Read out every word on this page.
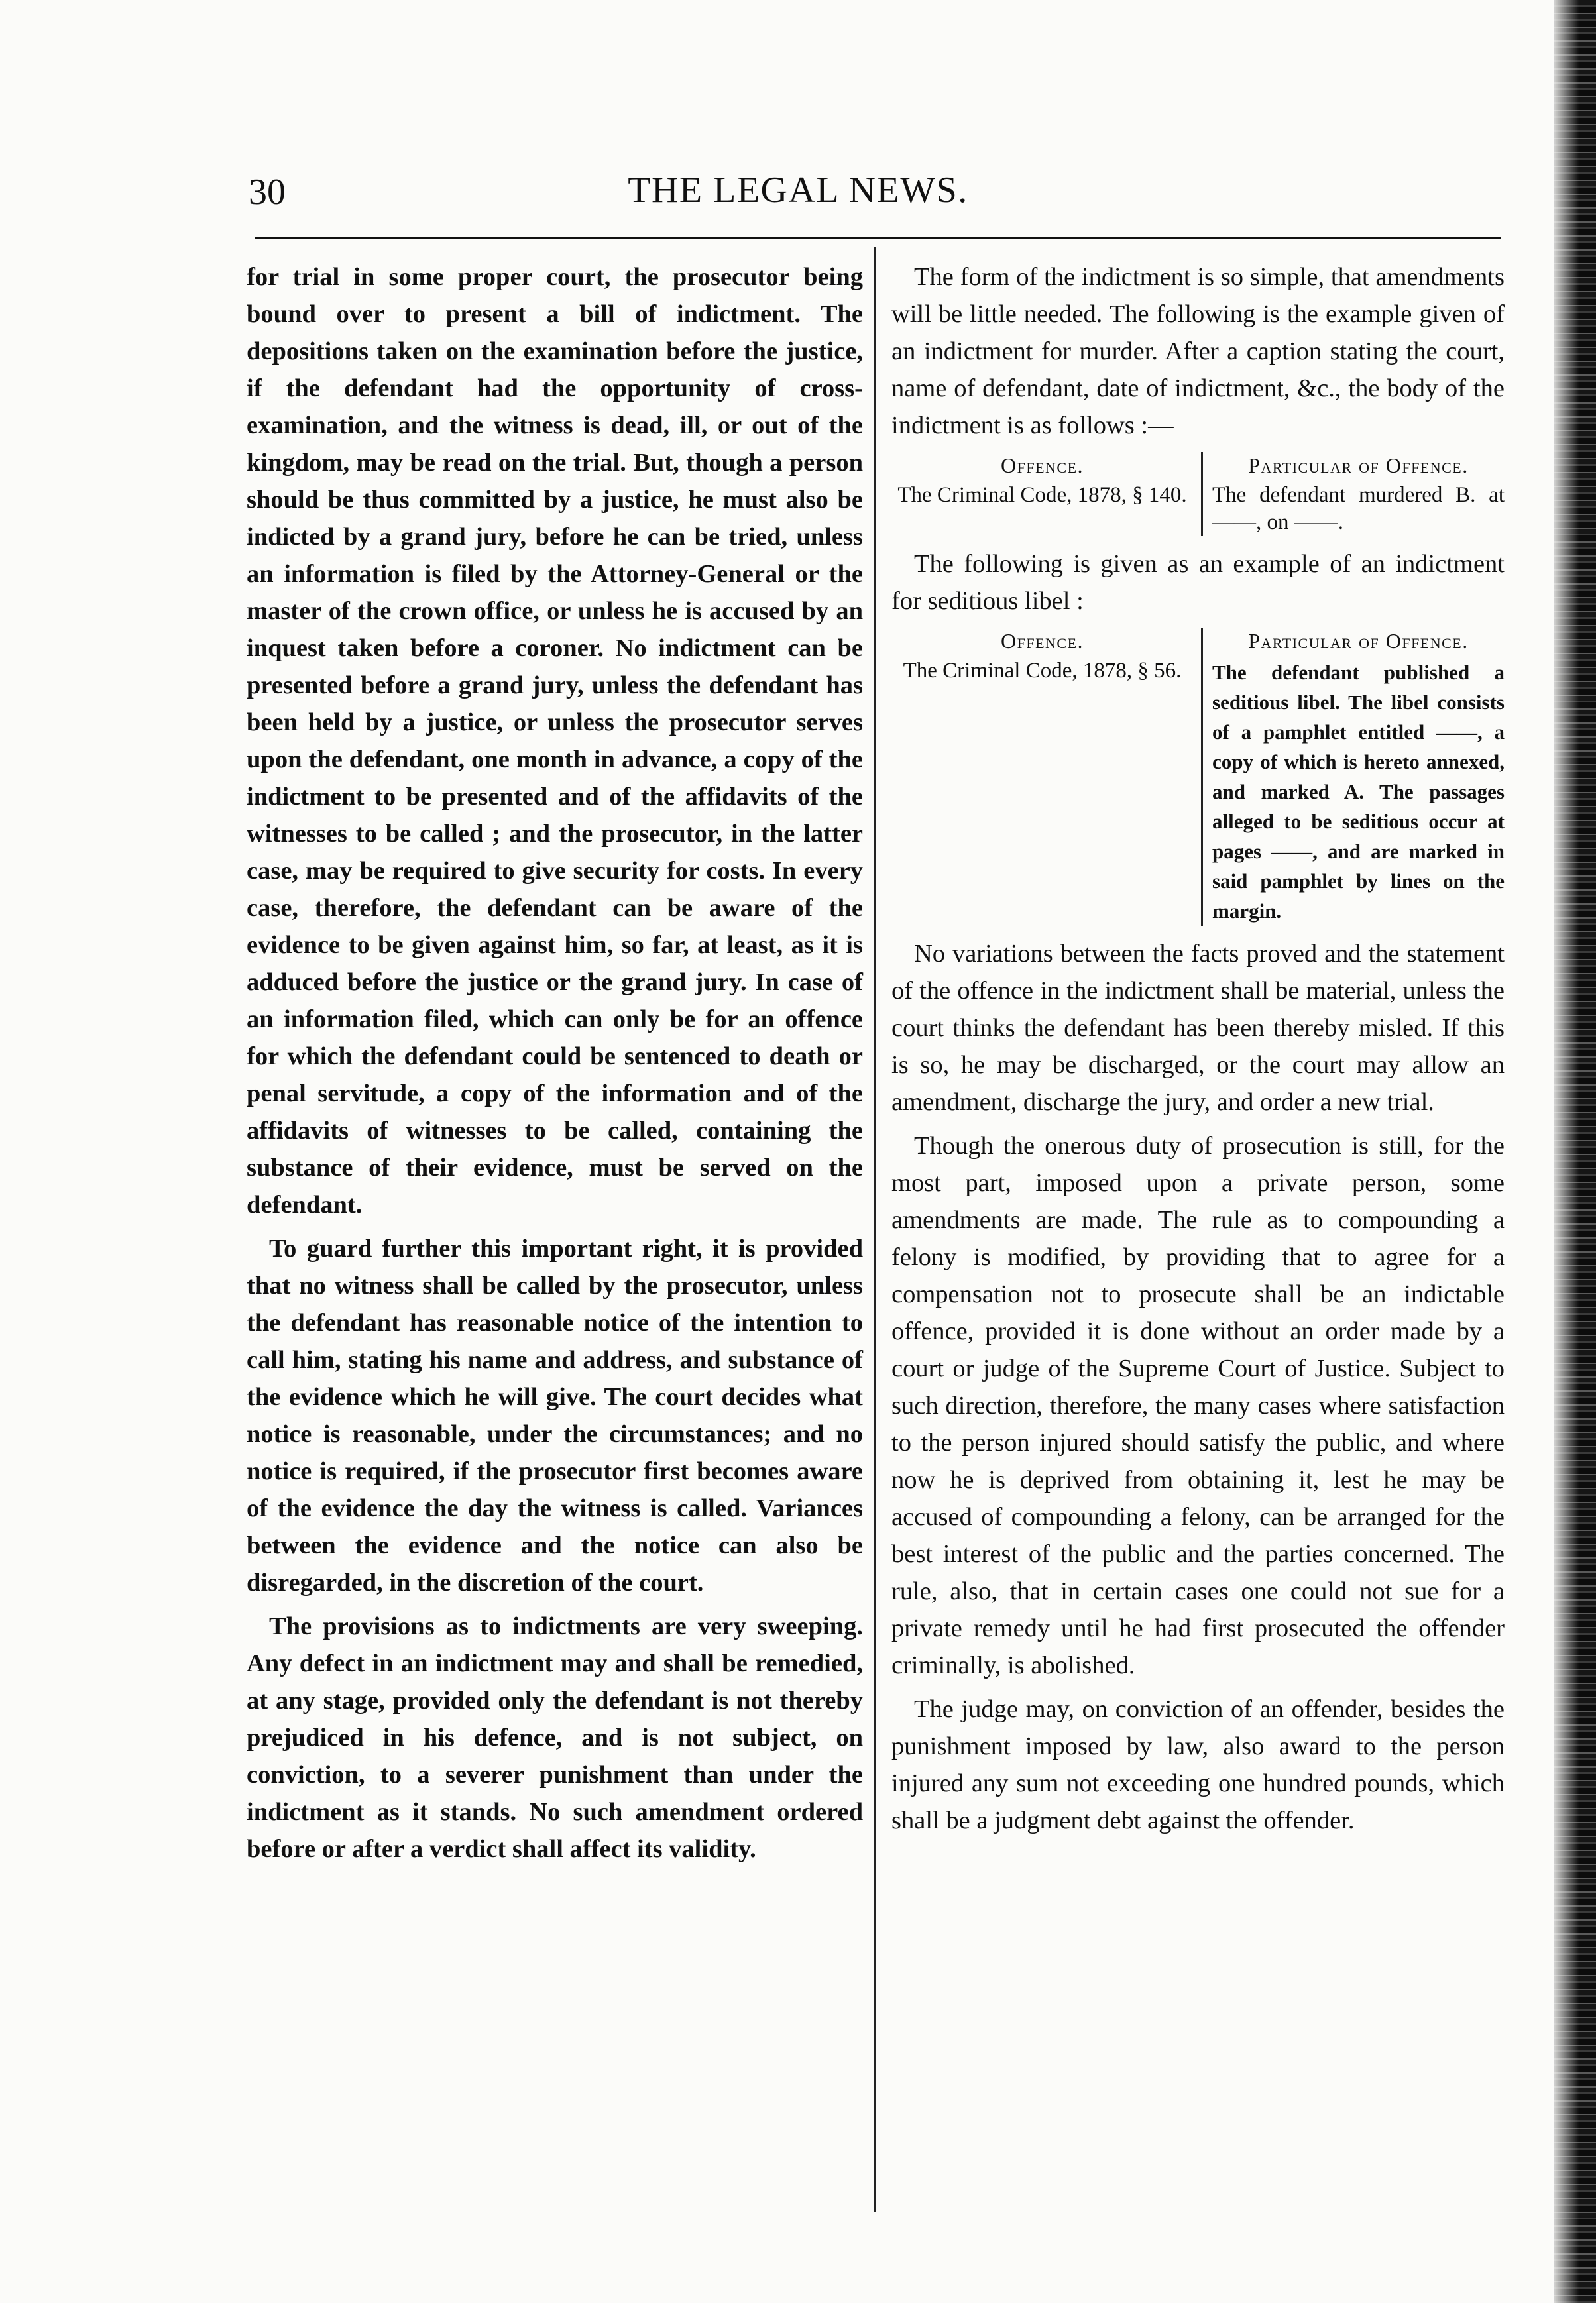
30	THE LEGAL NEWS.

for trial in some proper court, the prosecutor being bound over to present a bill of indictment. The depositions taken on the examination before the justice, if the defendant had the opportunity of cross-examination, and the witness is dead, ill, or out of the kingdom, may be read on the trial. But, though a person should be thus committed by a justice, he must also be indicted by a grand jury, before he can be tried, unless an information is filed by the Attorney-General or the master of the crown office, or unless he is accused by an inquest taken before a coroner. No indictment can be presented before a grand jury, unless the defendant has been held by a justice, or unless the prosecutor serves upon the defendant, one month in advance, a copy of the indictment to be presented and of the affidavits of the witnesses to be called ; and the prosecutor, in the latter case, may be required to give security for costs. In every case, therefore, the defendant can be aware of the evidence to be given against him, so far, at least, as it is adduced before the justice or the grand jury. In case of an information filed, which can only be for an offence for which the defendant could be sentenced to death or penal servitude, a copy of the information and of the affidavits of witnesses to be called, containing the substance of their evidence, must be served on the defendant.

To guard further this important right, it is provided that no witness shall be called by the prosecutor, unless the defendant has reasonable notice of the intention to call him, stating his name and address, and substance of the evidence which he will give. The court decides what notice is reasonable, under the circumstances; and no notice is required, if the prosecutor first becomes aware of the evidence the day the witness is called. Variances between the evidence and the notice can also be disregarded, in the discretion of the court.

The provisions as to indictments are very sweeping. Any defect in an indictment may and shall be remedied, at any stage, provided only the defendant is not thereby prejudiced in his defence, and is not subject, on conviction, to a severer punishment than under the indictment as it stands. No such amendment ordered before or after a verdict shall affect its validity.

The form of the indictment is so simple, that amendments will be little needed. The following is the example given of an indictment for murder. After a caption stating the court, name of defendant, date of indictment, &c., the body of the indictment is as follows :—

Offence.
The Criminal Code, 1878, § 140.
Particular of Offence.
The defendant murdered B. at ——, on ——.

The following is given as an example of an indictment for seditious libel :

Offence.
The Criminal Code, 1878, § 56.
Particular of Offence.
The defendant published a seditious libel. The libel consists of a pamphlet entitled ——, a copy of which is hereto annexed, and marked A. The passages alleged to be seditious occur at pages ——, and are marked in said pamphlet by lines on the margin.

No variations between the facts proved and the statement of the offence in the indictment shall be material, unless the court thinks the defendant has been thereby misled. If this is so, he may be discharged, or the court may allow an amendment, discharge the jury, and order a new trial.

Though the onerous duty of prosecution is still, for the most part, imposed upon a private person, some amendments are made. The rule as to compounding a felony is modified, by providing that to agree for a compensation not to prosecute shall be an indictable offence, provided it is done without an order made by a court or judge of the Supreme Court of Justice. Subject to such direction, therefore, the many cases where satisfaction to the person injured should satisfy the public, and where now he is deprived from obtaining it, lest he may be accused of compounding a felony, can be arranged for the best interest of the public and the parties concerned. The rule, also, that in certain cases one could not sue for a private remedy until he had first prosecuted the offender criminally, is abolished.

The judge may, on conviction of an offender, besides the punishment imposed by law, also award to the person injured any sum not exceeding one hundred pounds, which shall be a judgment debt against the offender.
